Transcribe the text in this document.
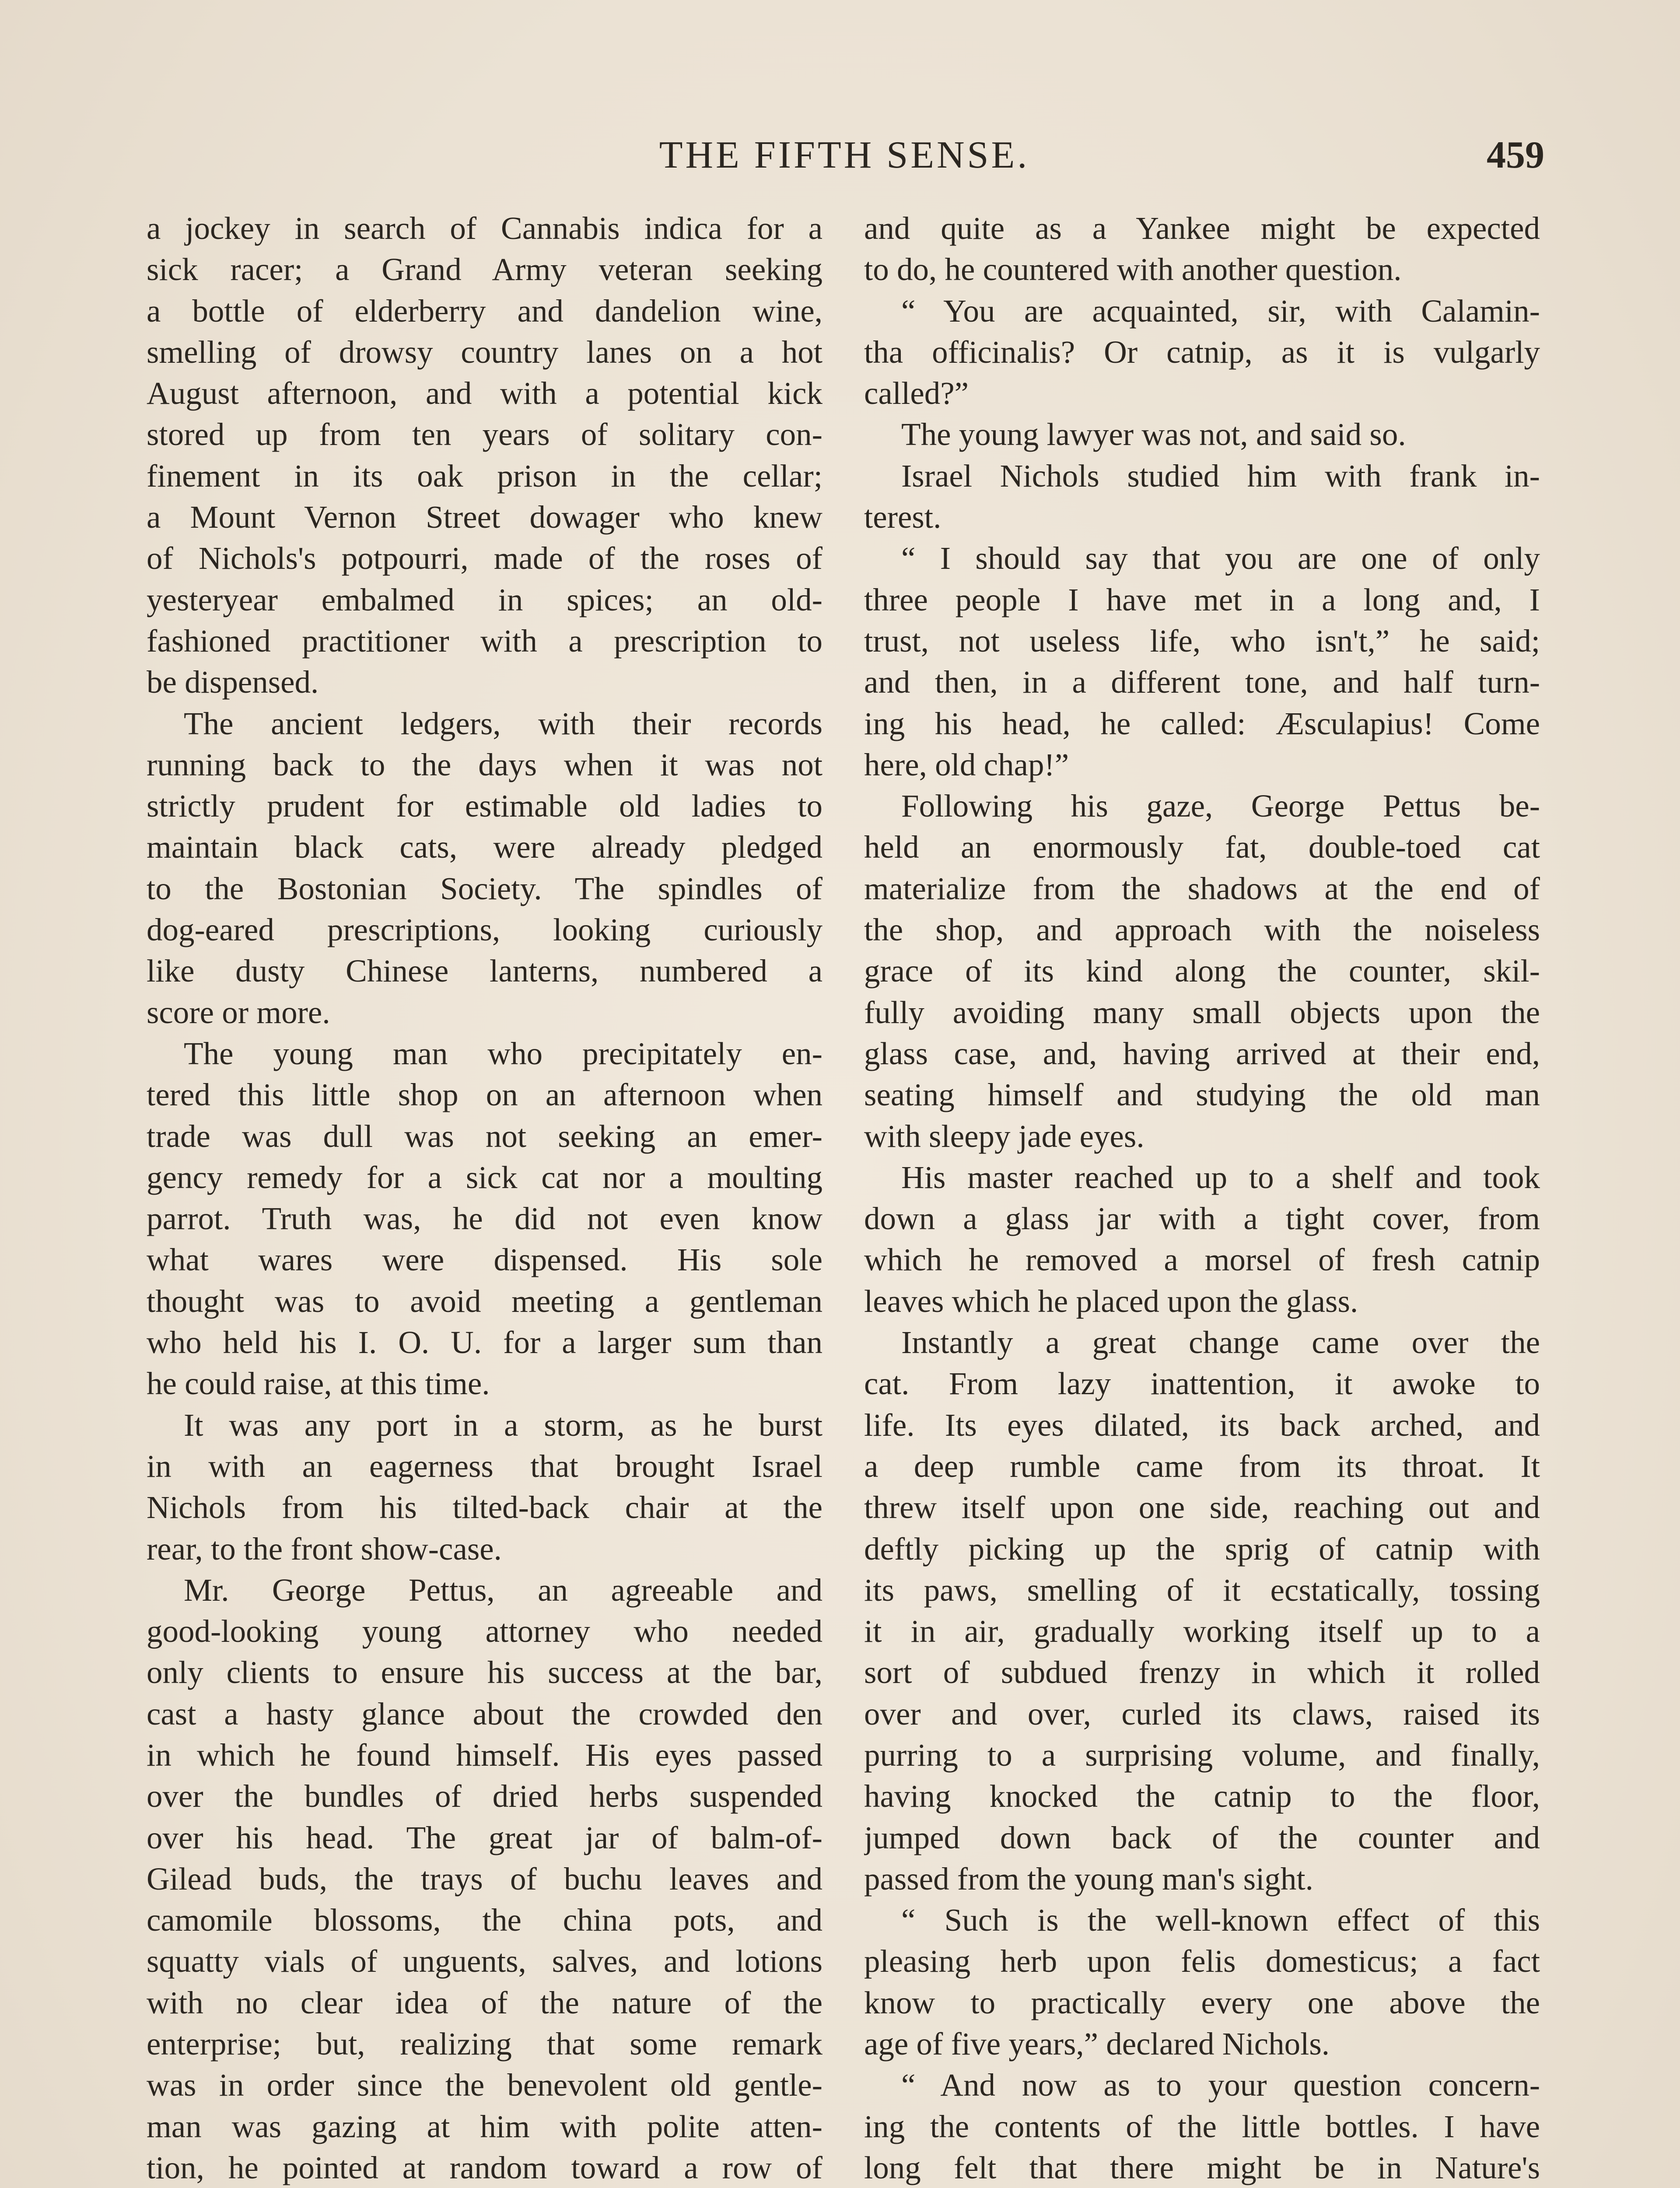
THE FIFTH SENSE.	459
a jockey in search of Cannabis indica for a
sick racer; a Grand Army veteran seeking
a bottle of elderberry and dandelion wine,
smelling of drowsy country lanes on a hot
August afternoon, and with a potential kick
stored up from ten years of solitary con-
finement in its oak prison in the cellar;
a Mount Vernon Street dowager who knew
of Nichols's potpourri, made of the roses of
yesteryear embalmed in spices; an old-
fashioned practitioner with a prescription to
be dispensed.
The ancient ledgers, with their records
running back to the days when it was not
strictly prudent for estimable old ladies to
maintain black cats, were already pledged
to the Bostonian Society. The spindles of
dog-eared prescriptions, looking curiously
like dusty Chinese lanterns, numbered a
score or more.
The young man who precipitately en-
tered this little shop on an afternoon when
trade was dull was not seeking an emer-
gency remedy for a sick cat nor a moulting
parrot. Truth was, he did not even know
what wares were dispensed. His sole
thought was to avoid meeting a gentleman
who held his I. O. U. for a larger sum than
he could raise, at this time.
It was any port in a storm, as he burst
in with an eagerness that brought Israel
Nichols from his tilted-back chair at the
rear, to the front show-case.
Mr. George Pettus, an agreeable and
good-looking young attorney who needed
only clients to ensure his success at the bar,
cast a hasty glance about the crowded den
in which he found himself. His eyes passed
over the bundles of dried herbs suspended
over his head. The great jar of balm-of-
Gilead buds, the trays of buchu leaves and
camomile blossoms, the china pots, and
squatty vials of unguents, salves, and lotions
with no clear idea of the nature of the
enterprise; but, realizing that some remark
was in order since the benevolent old gentle-
man was gazing at him with polite atten-
tion, he pointed at random toward a row of
and quite as a Yankee might be expected
to do, he countered with another question.
“ You are acquainted, sir, with Calamin-
tha officinalis? Or catnip, as it is vulgarly
called?”
The young lawyer was not, and said so.
Israel Nichols studied him with frank in-
terest.
“ I should say that you are one of only
three people I have met in a long and, I
trust, not useless life, who isn't,” he said;
and then, in a different tone, and half turn-
ing his head, he called: Æsculapius! Come
here, old chap!”
Following his gaze, George Pettus be-
held an enormously fat, double-toed cat
materialize from the shadows at the end of
the shop, and approach with the noiseless
grace of its kind along the counter, skil-
fully avoiding many small objects upon the
glass case, and, having arrived at their end,
seating himself and studying the old man
with sleepy jade eyes.
His master reached up to a shelf and took
down a glass jar with a tight cover, from
which he removed a morsel of fresh catnip
leaves which he placed upon the glass.
Instantly a great change came over the
cat. From lazy inattention, it awoke to
life. Its eyes dilated, its back arched, and
a deep rumble came from its throat. It
threw itself upon one side, reaching out and
deftly picking up the sprig of catnip with
its paws, smelling of it ecstatically, tossing
it in air, gradually working itself up to a
sort of subdued frenzy in which it rolled
over and over, curled its claws, raised its
purring to a surprising volume, and finally,
having knocked the catnip to the floor,
jumped down back of the counter and
passed from the young man's sight.
“ Such is the well-known effect of this
pleasing herb upon felis domesticus; a fact
know to practically every one above the
age of five years,” declared Nichols.
“ And now as to your question concern-
ing the contents of the little bottles. I have
long felt that there might be in Nature's
